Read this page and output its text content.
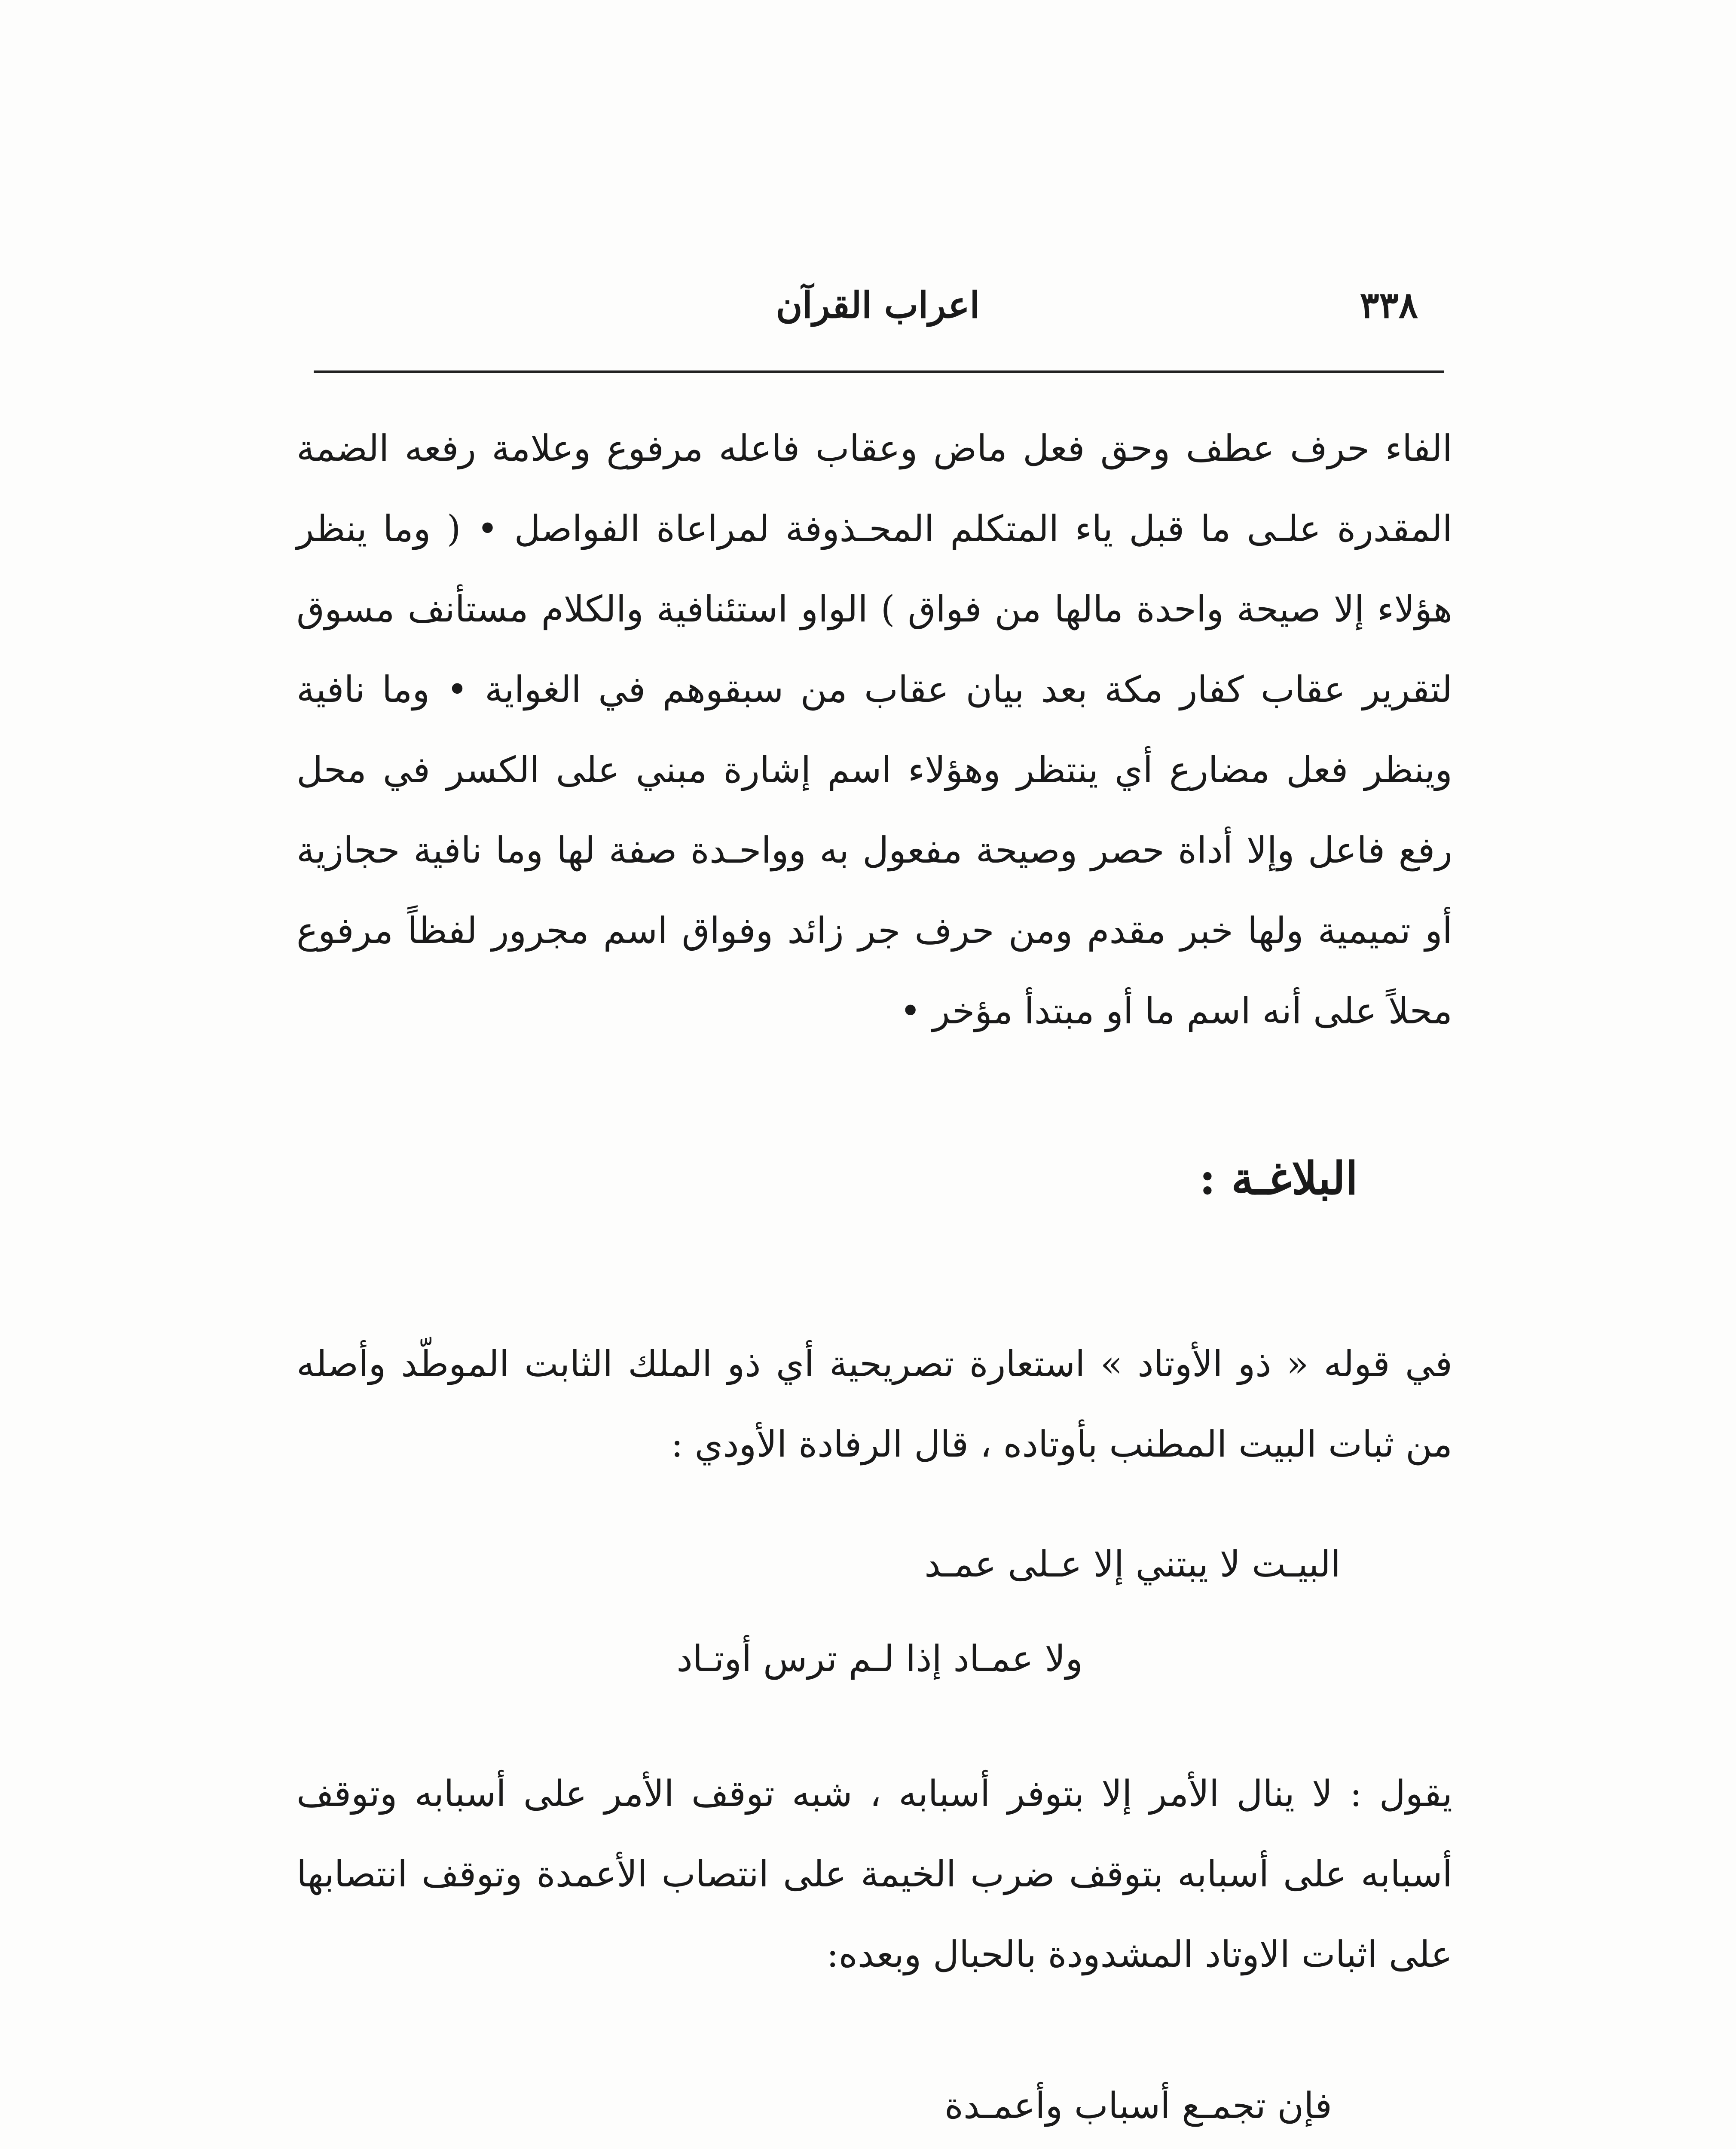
٣٣٨
اعراب القرآن
الفاء حرف عطف وحق فعل ماض وعقاب فاعله مرفوع وعلامة رفعه الضمة المقدرة علـى ما قبل ياء المتكلم المحـذوفة لمراعاة الفواصل • ( وما ينظر هؤلاء إلا صيحة واحدة مالها من فواق ) الواو استئنافية والكلام مستأنف مسوق لتقرير عقاب كفار مكة بعد بيان عقاب من سبقوهم في الغواية • وما نافية وينظر فعل مضارع أي ينتظر وهؤلاء اسم إشارة مبني على الكسر في محل رفع فاعل وإلا أداة حصر وصيحة مفعول به وواحـدة صفة لها وما نافية حجازية أو تميمية ولها خبر مقدم ومن حرف جر زائد وفواق اسم مجرور لفظاً مرفوع محلاً على أنه اسم ما أو مبتدأ مؤخر •
البلاغـة :
في قوله « ذو الأوتاد » استعارة تصريحية أي ذو الملك الثابت الموطّد وأصله من ثبات البيت المطنب بأوتاده ، قال الرفادة الأودي :
البيـت لا يبتني إلا عـلى عمـد
ولا عمـاد إذا لـم ترس أوتـاد
يقول : لا ينال الأمر إلا بتوفر أسبابه ، شبه توقف الأمر على أسبابه وتوقف أسبابه على أسبابه بتوقف ضرب الخيمة على انتصاب الأعمدة وتوقف انتصابها على اثبات الاوتاد المشدودة بالحبال وبعده:
فإن تجمـع أسباب وأعمـدة
